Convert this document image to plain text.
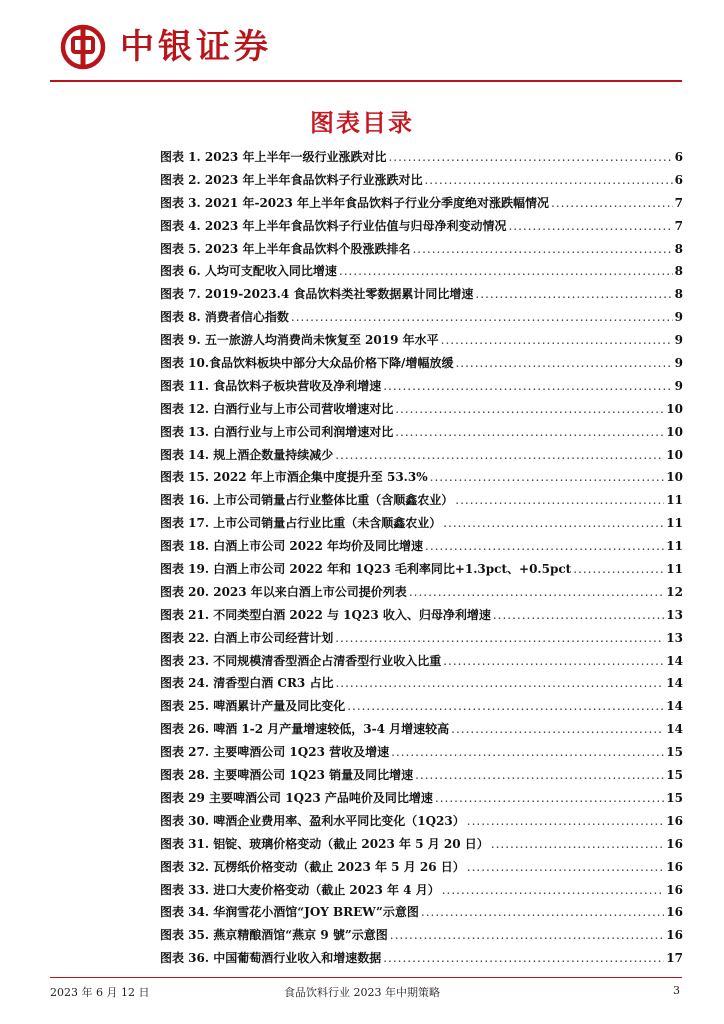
中银证券
图表目录
图表 1. 2023 年上半年一级行业涨跌对比 .....	6
图表 2. 2023 年上半年食品饮料子行业涨跌对比 .....	6
图表 3. 2021 年-2023 年上半年食品饮料子行业分季度绝对涨跌幅情况 .....	7
图表 4. 2023 年上半年食品饮料子行业估值与归母净利变动情况 .....	7
图表 5. 2023 年上半年食品饮料个股涨跌排名 .....	8
图表 6. 人均可支配收入同比增速 .....	8
图表 7. 2019-2023.4 食品饮料类社零数据累计同比增速 .....	8
图表 8. 消费者信心指数 .....	9
图表 9. 五一旅游人均消费尚未恢复至 2019 年水平 .....	9
图表 10.食品饮料板块中部分大众品价格下降/增幅放缓 .....	9
图表 11. 食品饮料子板块营收及净利增速 .....	9
图表 12. 白酒行业与上市公司营收增速对比 .....	10
图表 13. 白酒行业与上市公司利润增速对比 .....	10
图表 14. 规上酒企数量持续减少 .....	10
图表 15. 2022 年上市酒企集中度提升至 53.3% .....	10
图表 16. 上市公司销量占行业整体比重（含顺鑫农业） .....	11
图表 17. 上市公司销量占行业比重（未含顺鑫农业） .....	11
图表 18. 白酒上市公司 2022 年均价及同比增速 .....	11
图表 19. 白酒上市公司 2022 年和 1Q23 毛利率同比+1.3pct、+0.5pct .....	11
图表 20. 2023 年以来白酒上市公司提价列表 .....	12
图表 21. 不同类型白酒 2022 与 1Q23 收入、归母净利增速 .....	13
图表 22. 白酒上市公司经营计划 .....	13
图表 23. 不同规模清香型酒企占清香型行业收入比重 .....	14
图表 24. 清香型白酒 CR3 占比 .....	14
图表 25. 啤酒累计产量及同比变化 .....	14
图表 26. 啤酒 1-2 月产量增速较低，3-4 月增速较高 .....	14
图表 27. 主要啤酒公司 1Q23 营收及增速 .....	15
图表 28. 主要啤酒公司 1Q23 销量及同比增速 .....	15
图表 29 主要啤酒公司 1Q23 产品吨价及同比增速 .....	15
图表 30. 啤酒企业费用率、盈利水平同比变化（1Q23） .....	16
图表 31. 铝锭、玻璃价格变动（截止 2023 年 5 月 20 日） .....	16
图表 32. 瓦楞纸价格变动（截止 2023 年 5 月 26 日） .....	16
图表 33. 进口大麦价格变动（截止 2023 年 4 月） .....	16
图表 34. 华润雪花小酒馆“JOY BREW”示意图 .....	16
图表 35. 燕京精酿酒馆“燕京 9 號”示意图 .....	16
图表 36. 中国葡萄酒行业收入和增速数据 .....	17
2023 年 6 月 12 日	食品饮料行业 2023 年中期策略	3
